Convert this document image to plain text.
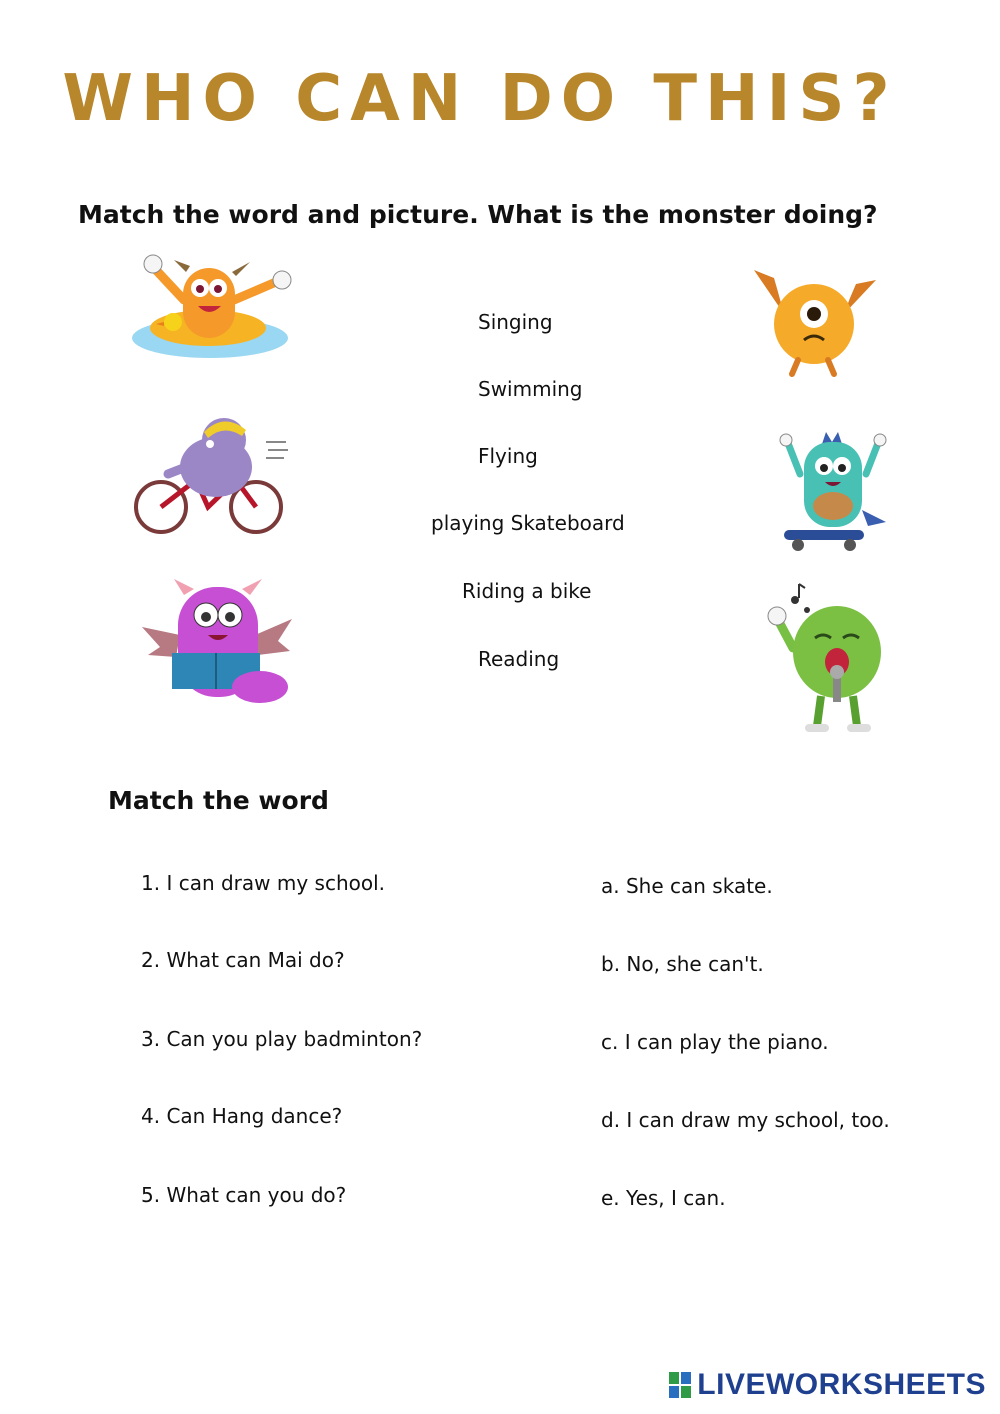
WHO CAN DO THIS?
Match the word and picture. What is the monster doing?
Singing
Swimming
Flying
playing Skateboard
Riding a bike
Reading
Match the word
1. I can draw my school.
2. What can Mai do?
3. Can you play badminton?
4. Can Hang dance?
5. What can you do?
a. She can skate.
b. No, she can't.
c. I can play the piano.
d. I can draw my school, too.
e. Yes, I can.
LIVEWORKSHEETS
